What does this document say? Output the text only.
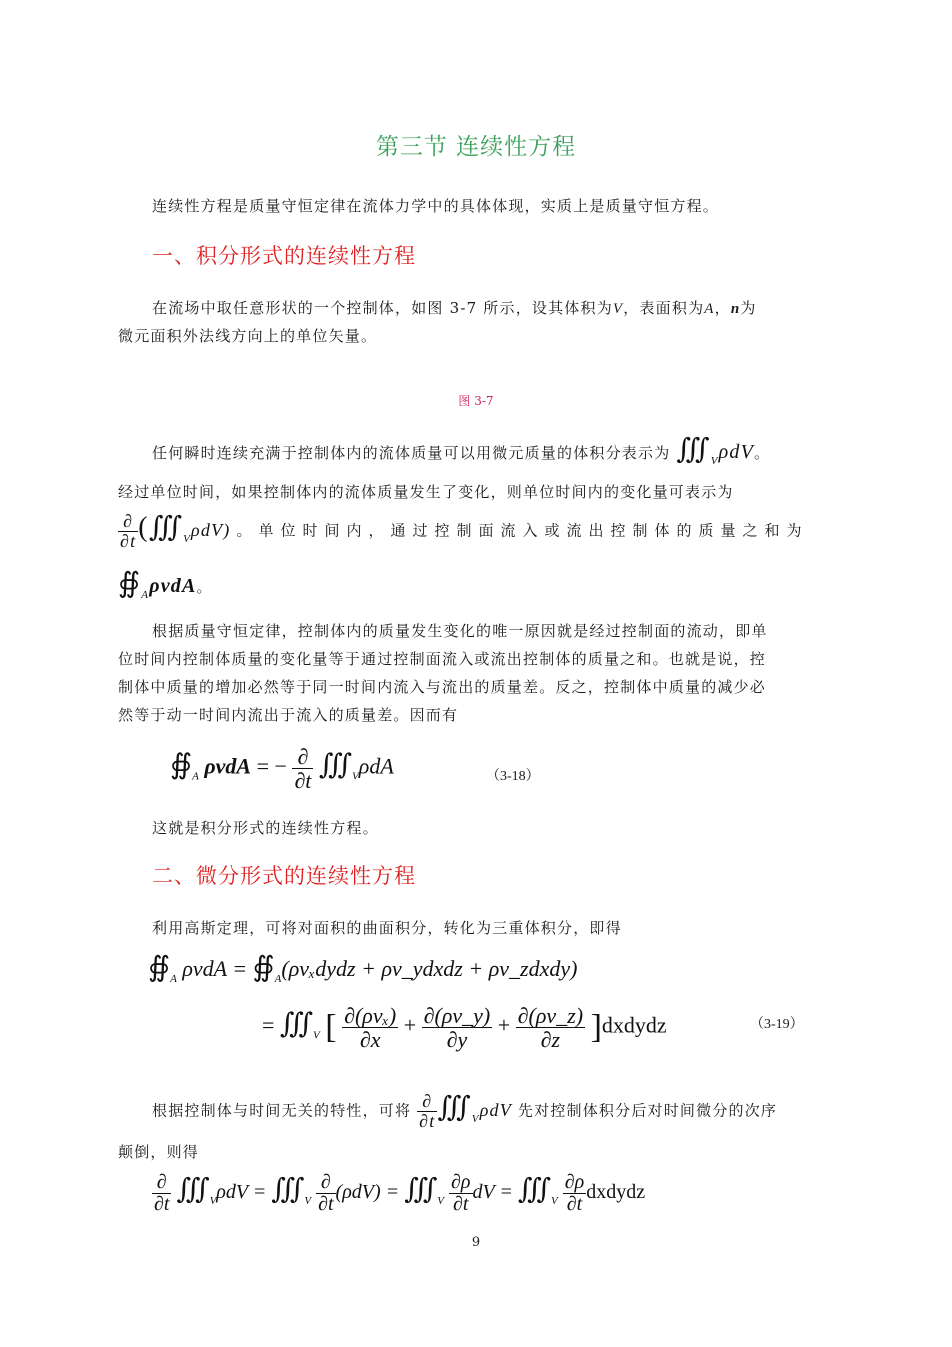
第三节 连续性方程
连续性方程是质量守恒定律在流体力学中的具体体现，实质上是质量守恒方程。
一、积分形式的连续性方程
在流场中取任意形状的一个控制体，如图 3-7 所示，设其体积为V，表面积为A，n为
微元面积外法线方向上的单位矢量。
图 3-7
任何瞬时连续充满于控制体内的流体质量可以用微元质量的体积分表示为 $∭_V\rho dV$。
经过单位时间，如果控制体内的流体质量发生了变化，则单位时间内的变化量可表示为
$\frac{\partial}{\partial t}$ $(∭_V\rho dV)$ 。单位时间内，通过控制面流入或流出控制体的质量之和为
$∯_A\rho vdA$。
根据质量守恒定律，控制体内的质量发生变化的唯一原因就是经过控制面的流动，即单
位时间内控制体质量的变化量等于通过控制面流入或流出控制体的质量之和。也就是说，控
制体中质量的增加必然等于同一时间内流入与流出的质量差。反之，控制体中质量的减少必
然等于动一时间内流出于流入的质量差。因而有
$∯_A$ ρvdA = − $\frac{\partial}{\partial t}$ $∭_V\rho dA$	（3-18）
这就是积分形式的连续性方程。
二、微分形式的连续性方程
利用高斯定理，可将对面积的曲面积分，转化为三重体积分，即得
$∯_A$ $\rho vdA = ∯_A(\rho v_xdydz$ + ρv_ydxdz + ρv_zdxdy)
= $∭_V$ [ $\frac{\text{∂(ρvₓ)}}{\partial x} + \frac{\partial(\rho v\_y)}{\partial y} + \frac{\partial(\rho v\_z)}{\partial z}$ ]dxdydz	（3-19）
根据控制体与时间无关的特性，可将 $\frac{\partial}{\partial t}$ $∭_V\rho dV$ 先对控制体积分后对时间微分的次序
颠倒，则得
$\frac{\partial}{\partial t}$ $∭_V\rho dV$ = $∭_V \frac{\partial}{\partial t} (\rho dV)$ = $∭_V \frac{\partial\rho}{\partial t}$ dV = $∭_V \frac{\partial\rho}{\partial t}$ dxdydz
9
